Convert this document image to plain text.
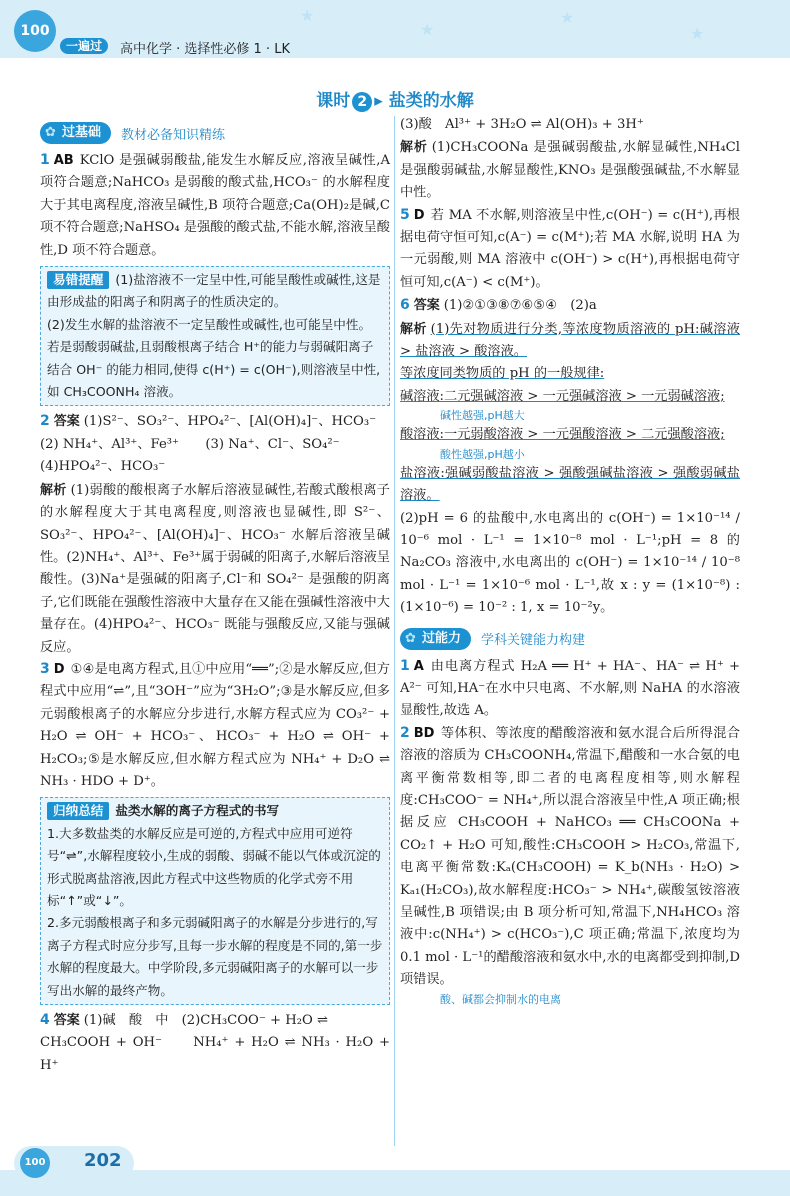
★
★
★
★
100
一遍过	高中化学 · 选择性必修 1 · LK
课时 2 ▸ 盐类的水解
✿ 过基础	教材必备知识精练

1 AB KClO 是强碱弱酸盐,能发生水解反应,溶液呈碱性,A 项符合题意;NaHCO₃ 是弱酸的酸式盐,HCO₃⁻ 的水解程度大于其电离程度,溶液呈碱性,B 项符合题意;Ca(OH)₂是碱,C 项不符合题意;NaHSO₄ 是强酸的酸式盐,不能水解,溶液呈酸性,D 项不符合题意。

易错提醒 (1)盐溶液不一定呈中性,可能呈酸性或碱性,这是由形成盐的阳离子和阴离子的性质决定的。
(2)发生水解的盐溶液不一定呈酸性或碱性,也可能呈中性。若是弱酸弱碱盐,且弱酸根离子结合 H⁺的能力与弱碱阳离子结合 OH⁻ 的能力相同,使得 c(H⁺) = c(OH⁻),则溶液呈中性,如 CH₃COONH₄ 溶液。

2 答案 (1)S²⁻、SO₃²⁻、HPO₄²⁻、[Al(OH)₄]⁻、HCO₃⁻
(2) NH₄⁺、Al³⁺、Fe³⁺　　(3) Na⁺、Cl⁻、SO₄²⁻
(4)HPO₄²⁻、HCO₃⁻
解析 (1)弱酸的酸根离子水解后溶液显碱性,若酸式酸根离子的水解程度大于其电离程度,则溶液也显碱性,即 S²⁻、SO₃²⁻、HPO₄²⁻、[Al(OH)₄]⁻、HCO₃⁻ 水解后溶液呈碱性。(2)NH₄⁺、Al³⁺、Fe³⁺属于弱碱的阳离子,水解后溶液呈酸性。(3)Na⁺是强碱的阳离子,Cl⁻和 SO₄²⁻ 是强酸的阴离子,它们既能在强酸性溶液中大量存在又能在强碱性溶液中大量存在。(4)HPO₄²⁻、HCO₃⁻ 既能与强酸反应,又能与强碱反应。

3 D ①④是电离方程式,且①中应用“══”;②是水解反应,但方程式中应用“⇌”,且“3OH⁻”应为“3H₂O”;③是水解反应,但多元弱酸根离子的水解应分步进行,水解方程式应为 CO₃²⁻ + H₂O ⇌ OH⁻ + HCO₃⁻、HCO₃⁻ + H₂O ⇌ OH⁻ + H₂CO₃;⑤是水解反应,但水解方程式应为 NH₄⁺ + D₂O ⇌ NH₃ · HDO + D⁺。

归纳总结 盐类水解的离子方程式的书写
1.大多数盐类的水解反应是可逆的,方程式中应用可逆符号“⇌”,水解程度较小,生成的弱酸、弱碱不能以气体或沉淀的形式脱离盐溶液,因此方程式中这些物质的化学式旁不用标“↑”或“↓”。
2.多元弱酸根离子和多元弱碱阳离子的水解是分步进行的,写离子方程式时应分步写,且每一步水解的程度是不同的,第一步水解的程度最大。中学阶段,多元弱碱阳离子的水解可以一步写出水解的最终产物。

4 答案 (1)碱　酸　中　(2)CH₃COO⁻ + H₂O ⇌
CH₃COOH + OH⁻　　NH₄⁺ + H₂O ⇌ NH₃ · H₂O + H⁺

(3)酸　Al³⁺ + 3H₂O ⇌ Al(OH)₃ + 3H⁺
解析 (1)CH₃COONa 是强碱弱酸盐,水解显碱性,NH₄Cl 是强酸弱碱盐,水解显酸性,KNO₃ 是强酸强碱盐,不水解显中性。

5 D 若 MA 不水解,则溶液呈中性,c(OH⁻) = c(H⁺),再根据电荷守恒可知,c(A⁻) = c(M⁺);若 MA 水解,说明 HA 为一元弱酸,则 MA 溶液中 c(OH⁻) > c(H⁺),再根据电荷守恒可知,c(A⁻) < c(M⁺)。

6 答案 (1)②①③⑧⑦⑥⑤④　(2)a
解析 (1)先对物质进行分类,等浓度物质溶液的 pH:碱溶液 > 盐溶液 > 酸溶液。
等浓度同类物质的 pH 的一般规律:
碱溶液:二元强碱溶液 > 一元强碱溶液 > 一元弱碱溶液;
碱性越强,pH越大
酸溶液:一元弱酸溶液 > 一元强酸溶液 > 二元强酸溶液;
酸性越强,pH越小
盐溶液:强碱弱酸盐溶液 > 强酸强碱盐溶液 > 强酸弱碱盐溶液。
(2)pH = 6 的盐酸中,水电离出的 c(OH⁻) = 1×10⁻¹⁴ / 10⁻⁶ mol · L⁻¹ = 1×10⁻⁸ mol · L⁻¹;pH = 8 的 Na₂CO₃ 溶液中,水电离出的 c(OH⁻) = 1×10⁻¹⁴ / 10⁻⁸ mol · L⁻¹ = 1×10⁻⁶ mol · L⁻¹,故 x : y = (1×10⁻⁸) : (1×10⁻⁶) = 10⁻² : 1, x = 10⁻²y。
✿ 过能力	学科关键能力构建

1 A 由电离方程式 H₂A ══ H⁺ + HA⁻、HA⁻ ⇌ H⁺ + A²⁻ 可知,HA⁻在水中只电离、不水解,则 NaHA 的水溶液显酸性,故选 A。

2 BD 等体积、等浓度的醋酸溶液和氨水混合后所得混合溶液的溶质为 CH₃COONH₄,常温下,醋酸和一水合氨的电离平衡常数相等,即二者的电离程度相等,则水解程度:CH₃COO⁻ = NH₄⁺,所以混合溶液呈中性,A 项正确;根据反应 CH₃COOH + NaHCO₃ ══ CH₃COONa + CO₂↑ + H₂O 可知,酸性:CH₃COOH > H₂CO₃,常温下,电离平衡常数:Kₐ(CH₃COOH) = K_b(NH₃ · H₂O) > Kₐ₁(H₂CO₃),故水解程度:HCO₃⁻ > NH₄⁺,碳酸氢铵溶液呈碱性,B 项错误;由 B 项分析可知,常温下,NH₄HCO₃ 溶液中:c(NH₄⁺) > c(HCO₃⁻),C 项正确;常温下,浓度均为 0.1 mol · L⁻¹的醋酸溶液和氨水中,水的电离都受到抑制,D 项错误。

酸、碱都会抑制水的电离
100 202
